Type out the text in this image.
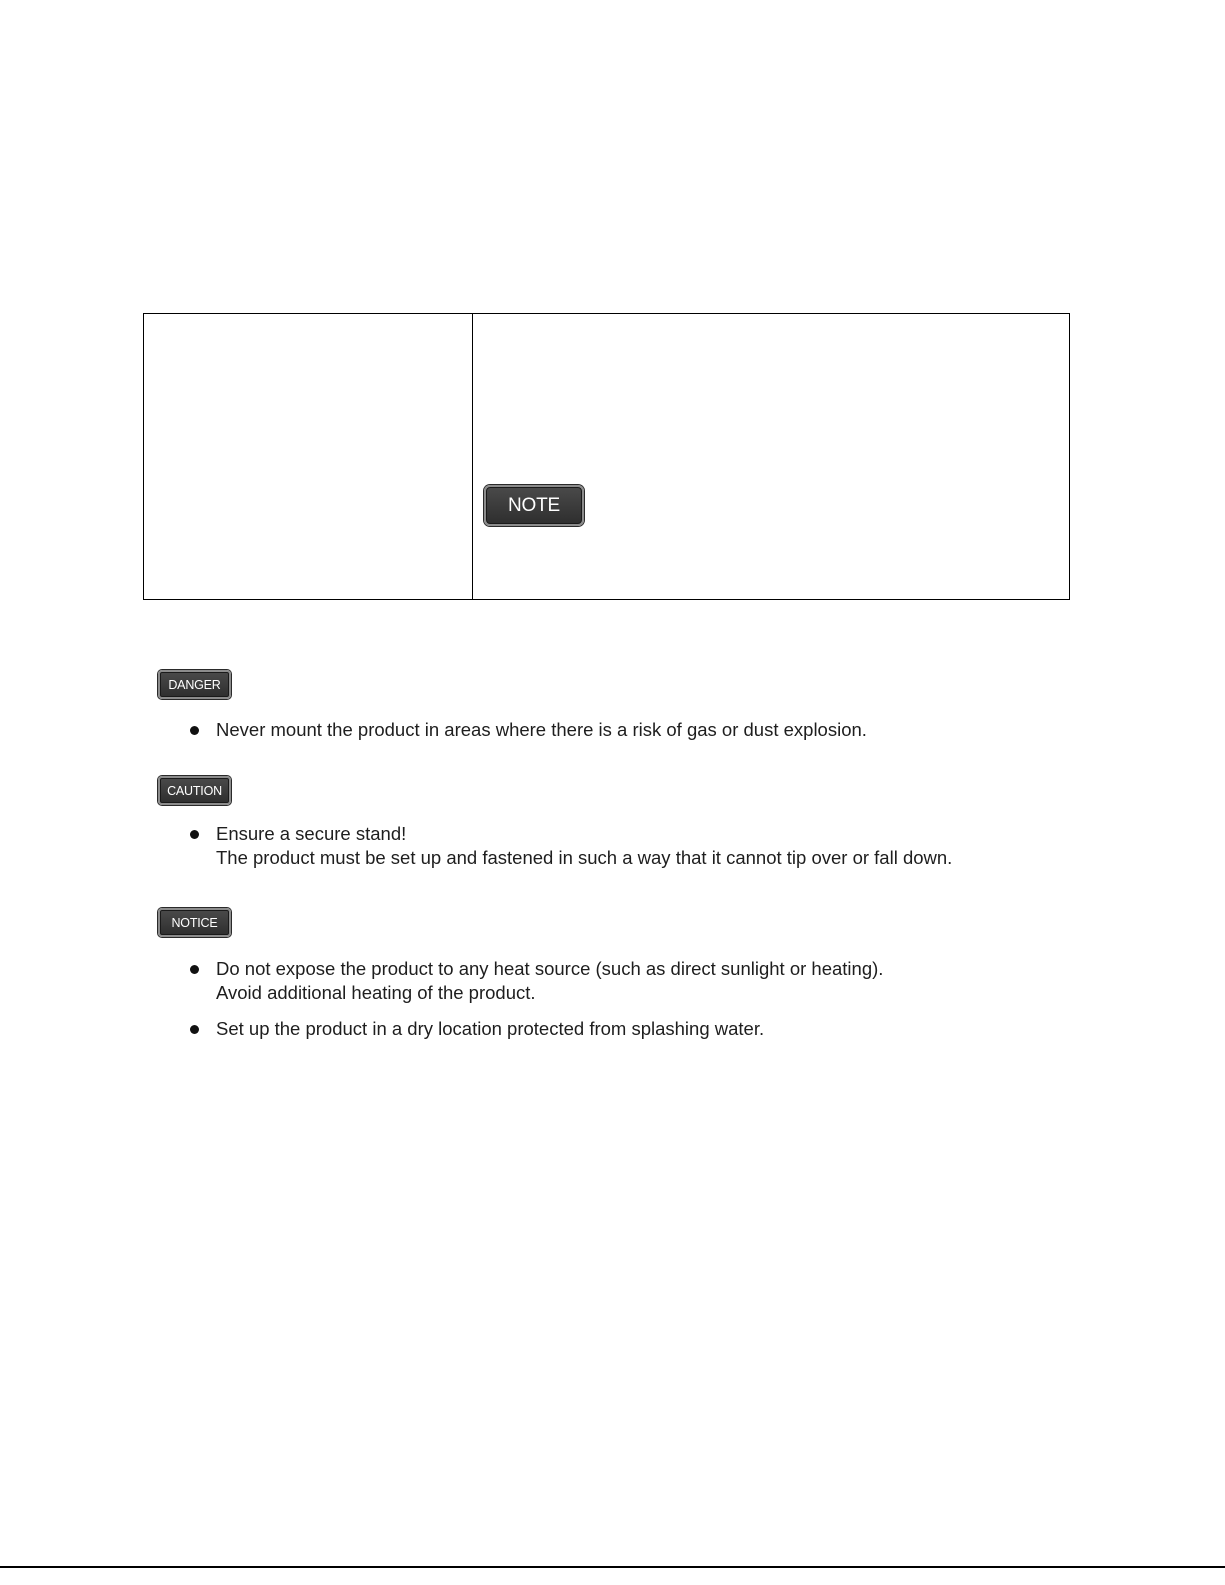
NOTE
DANGER
Never mount the product in areas where there is a risk of gas or dust explosion.
CAUTION
Ensure a secure stand!
The product must be set up and fastened in such a way that it cannot tip over or fall down.
NOTICE
Do not expose the product to any heat source (such as direct sunlight or heating).
Avoid additional heating of the product.
Set up the product in a dry location protected from splashing water.
